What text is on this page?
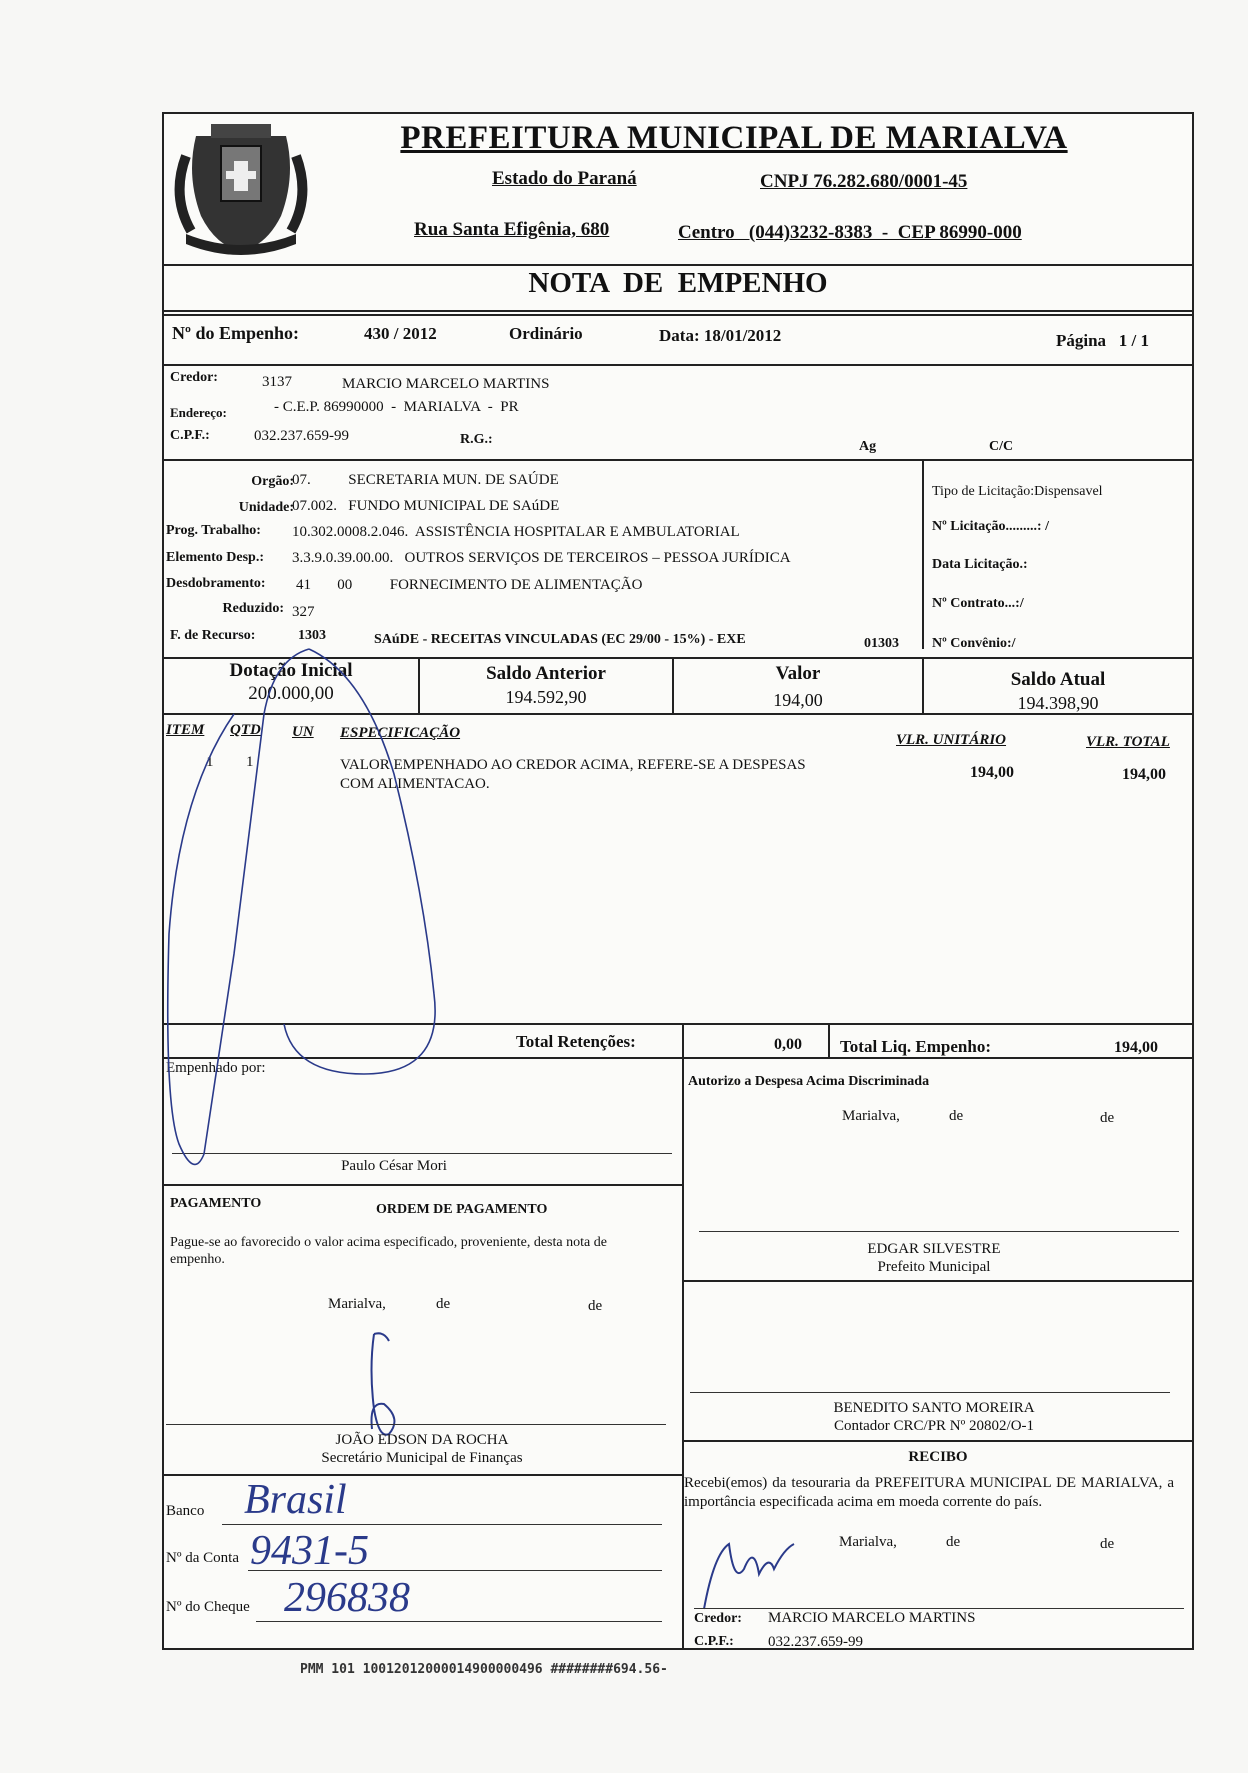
PREFEITURA MUNICIPAL DE MARIALVA
Estado do Paraná	CNPJ 76.282.680/0001-45
Rua Santa Efigênia, 680	Centro   (044)3232-8383  -  CEP 86990-000
NOTA  DE  EMPENHO
Nº do Empenho:	430 / 2012	Ordinário	Data: 18/01/2012	Página   1 / 1
Credor:	3137	MARCIO MARCELO MARTINS
Endereço:	- C.E.P. 86990000  -  MARIALVA  -  PR
C.P.F.:	032.237.659-99	R.G.:	Ag	C/C
Orgão:
07.          SECRETARIA MUN. DE SAÚDE
Unidade:
07.002.   FUNDO MUNICIPAL DE SAúDE
Prog. Trabalho: 10.302.0008.2.046.  ASSISTÊNCIA HOSPITALAR E AMBULATORIAL
Elemento Desp.: 3.3.9.0.39.00.00.   OUTROS SERVIÇOS DE TERCEIROS – PESSOA JURÍDICA
Desdobramento: 41       00          FORNECIMENTO DE ALIMENTAÇÃO
Reduzido: 327
F. de Recurso:	1303	SAúDE - RECEITAS VINCULADAS (EC 29/00 - 15%) - EXE	01303
Tipo de Licitação:Dispensavel
Nº Licitação.........: /
Data Licitação.:
Nº Contrato...:/
Nº Convênio:/
Dotação Inicial
200.000,00
Saldo Anterior
194.592,90
Valor
194,00
Saldo Atual
194.398,90
ITEM QTD UN ESPECIFICAÇÃO	VLR. UNITÁRIO	VLR. TOTAL
1 1	VALOR EMPENHADO AO CREDOR ACIMA, REFERE-SE A DESPESAS
COM ALIMENTACAO.
194,00	194,00
Total Retenções:	0,00 Total Liq. Empenho:	194,00
Empenhado por:
Paulo César Mori
Autorizo a Despesa Acima Discriminada
Marialva,	de	de
EDGAR SILVESTRE
Prefeito Municipal
BENEDITO SANTO MOREIRA
Contador CRC/PR Nº 20802/O-1
PAGAMENTO	ORDEM DE PAGAMENTO
Pague-se ao favorecido o valor acima especificado, proveniente, desta nota de empenho.
Marialva,	de	de
JOÃO EDSON DA ROCHA
Secretário Municipal de Finanças
Banco Brasil
Nº da Conta 9431-5
Nº do Cheque 296838
RECIBO
Recebi(emos) da tesouraria da PREFEITURA MUNICIPAL DE MARIALVA, a importância especificada acima em moeda corrente do país.
Marialva,	de	de
Credor: MARCIO MARCELO MARTINS
C.P.F.: 032.237.659-99
PMM 101 10012012000014900000496 ########694.56-
